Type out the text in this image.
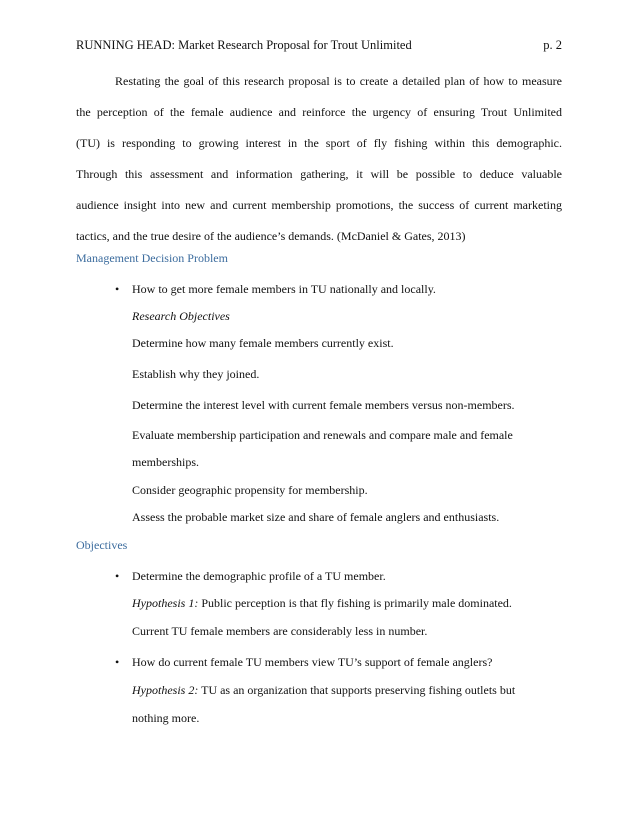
RUNNING HEAD: Market Research Proposal for Trout Unlimited	p. 2
Restating the goal of this research proposal is to create a detailed plan of how to measure
the perception of the female audience and reinforce the urgency of ensuring Trout Unlimited
(TU) is responding to growing interest in the sport of fly fishing within this demographic.
Through this assessment and information gathering, it will be possible to deduce valuable
audience insight into new and current membership promotions, the success of current marketing
tactics, and the true desire of the audience’s demands. (McDaniel & Gates, 2013)
Management Decision Problem
• How to get more female members in TU nationally and locally.
Research Objectives
Determine how many female members currently exist.
Establish why they joined.
Determine the interest level with current female members versus non-members.
Evaluate membership participation and renewals and compare male and female
memberships.
Consider geographic propensity for membership.
Assess the probable market size and share of female anglers and enthusiasts.
Objectives
• Determine the demographic profile of a TU member.
Hypothesis 1: Public perception is that fly fishing is primarily male dominated.
Current TU female members are considerably less in number.
• How do current female TU members view TU’s support of female anglers?
Hypothesis 2: TU as an organization that supports preserving fishing outlets but
nothing more.
